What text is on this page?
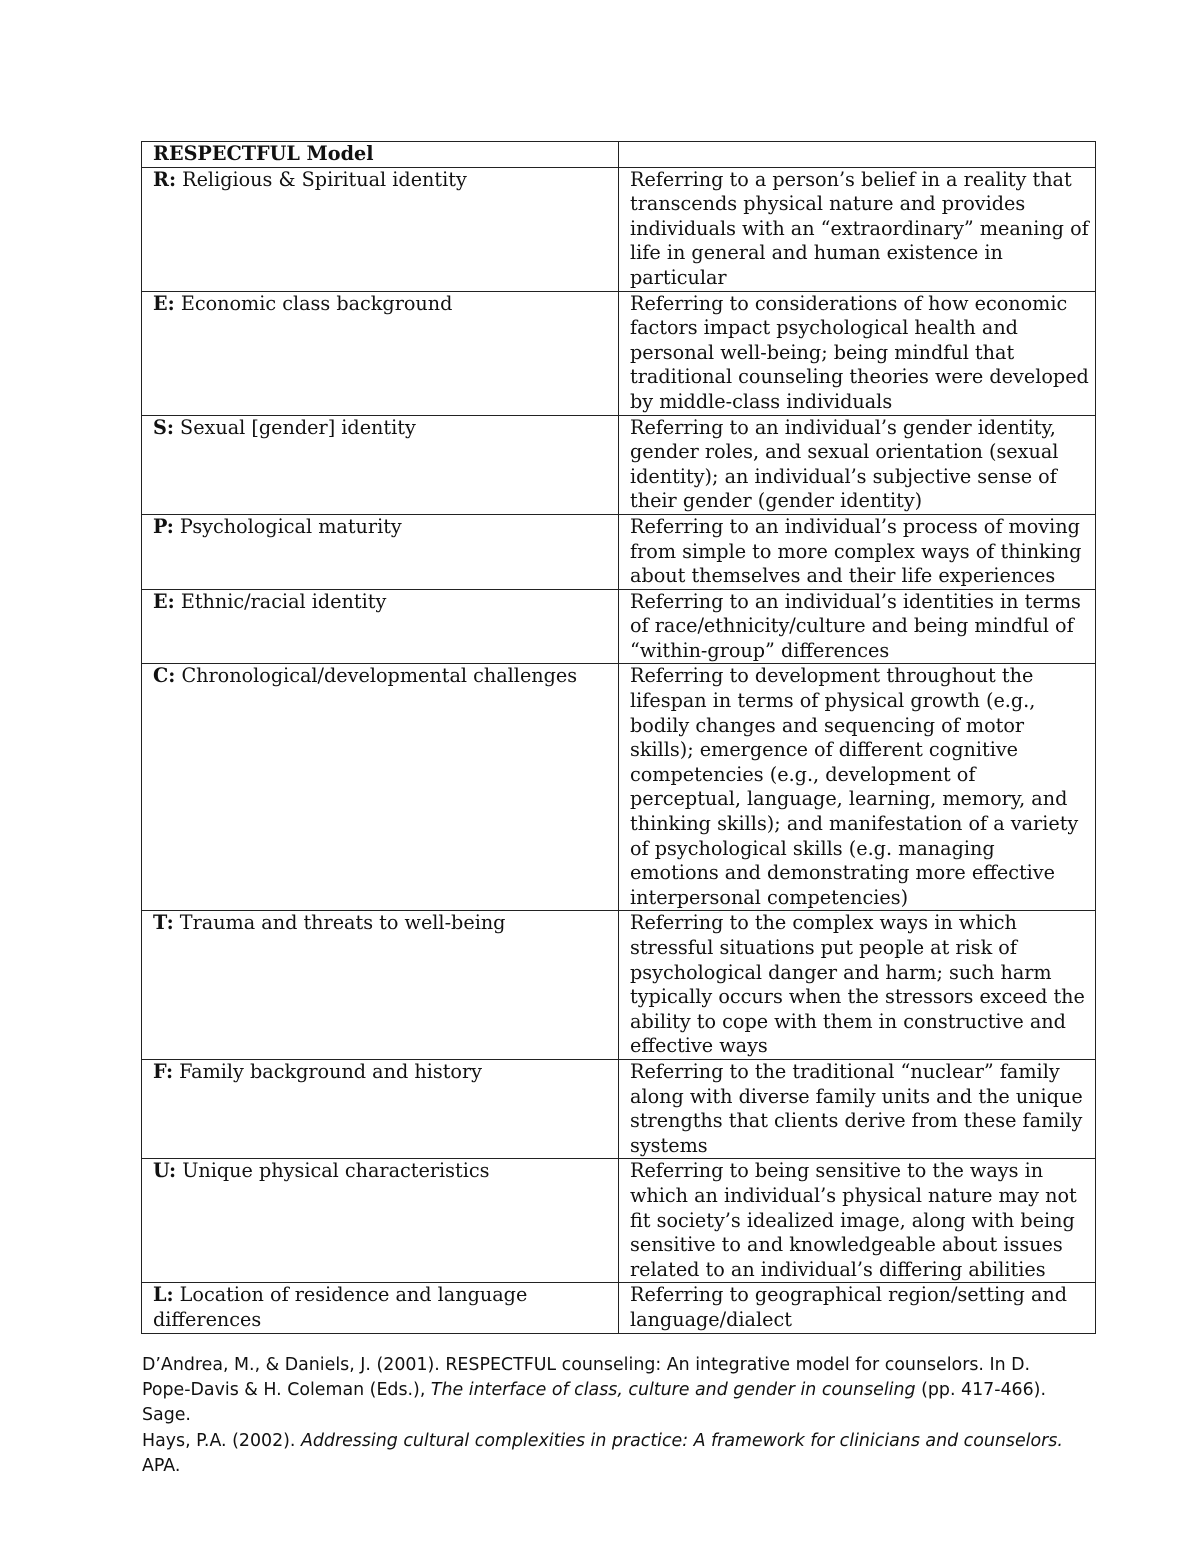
RESPECTFUL Model	
R: Religious & Spiritual identity	Referring to a person’s belief in a reality that transcends physical nature and provides individuals with an “extraordinary” meaning of life in general and human existence in particular
E: Economic class background	Referring to considerations of how economic factors impact psychological health and personal well-being; being mindful that traditional counseling theories were developed by middle-class individuals
S: Sexual [gender] identity	Referring to an individual’s gender identity, gender roles, and sexual orientation (sexual identity); an individual’s subjective sense of their gender (gender identity)
P: Psychological maturity	Referring to an individual’s process of moving from simple to more complex ways of thinking about themselves and their life experiences
E: Ethnic/racial identity	Referring to an individual’s identities in terms of race/ethnicity/culture and being mindful of “within-group” differences
C: Chronological/developmental challenges	Referring to development throughout the lifespan in terms of physical growth (e.g., bodily changes and sequencing of motor skills); emergence of different cognitive competencies (e.g., development of perceptual, language, learning, memory, and thinking skills); and manifestation of a variety of psychological skills (e.g. managing emotions and demonstrating more effective interpersonal competencies)
T: Trauma and threats to well-being	Referring to the complex ways in which stressful situations put people at risk of psychological danger and harm; such harm typically occurs when the stressors exceed the ability to cope with them in constructive and effective ways
F: Family background and history	Referring to the traditional “nuclear” family along with diverse family units and the unique strengths that clients derive from these family systems
U: Unique physical characteristics	Referring to being sensitive to the ways in which an individual’s physical nature may not fit society’s idealized image, along with being sensitive to and knowledgeable about issues related to an individual’s differing abilities
L: Location of residence and language differences	Referring to geographical region/setting and language/dialect

D’Andrea, M., & Daniels, J. (2001). RESPECTFUL counseling: An integrative model for counselors. In D. Pope-Davis & H. Coleman (Eds.), The interface of class, culture and gender in counseling (pp. 417-466). Sage.

Hays, P.A. (2002). Addressing cultural complexities in practice: A framework for clinicians and counselors. APA.
